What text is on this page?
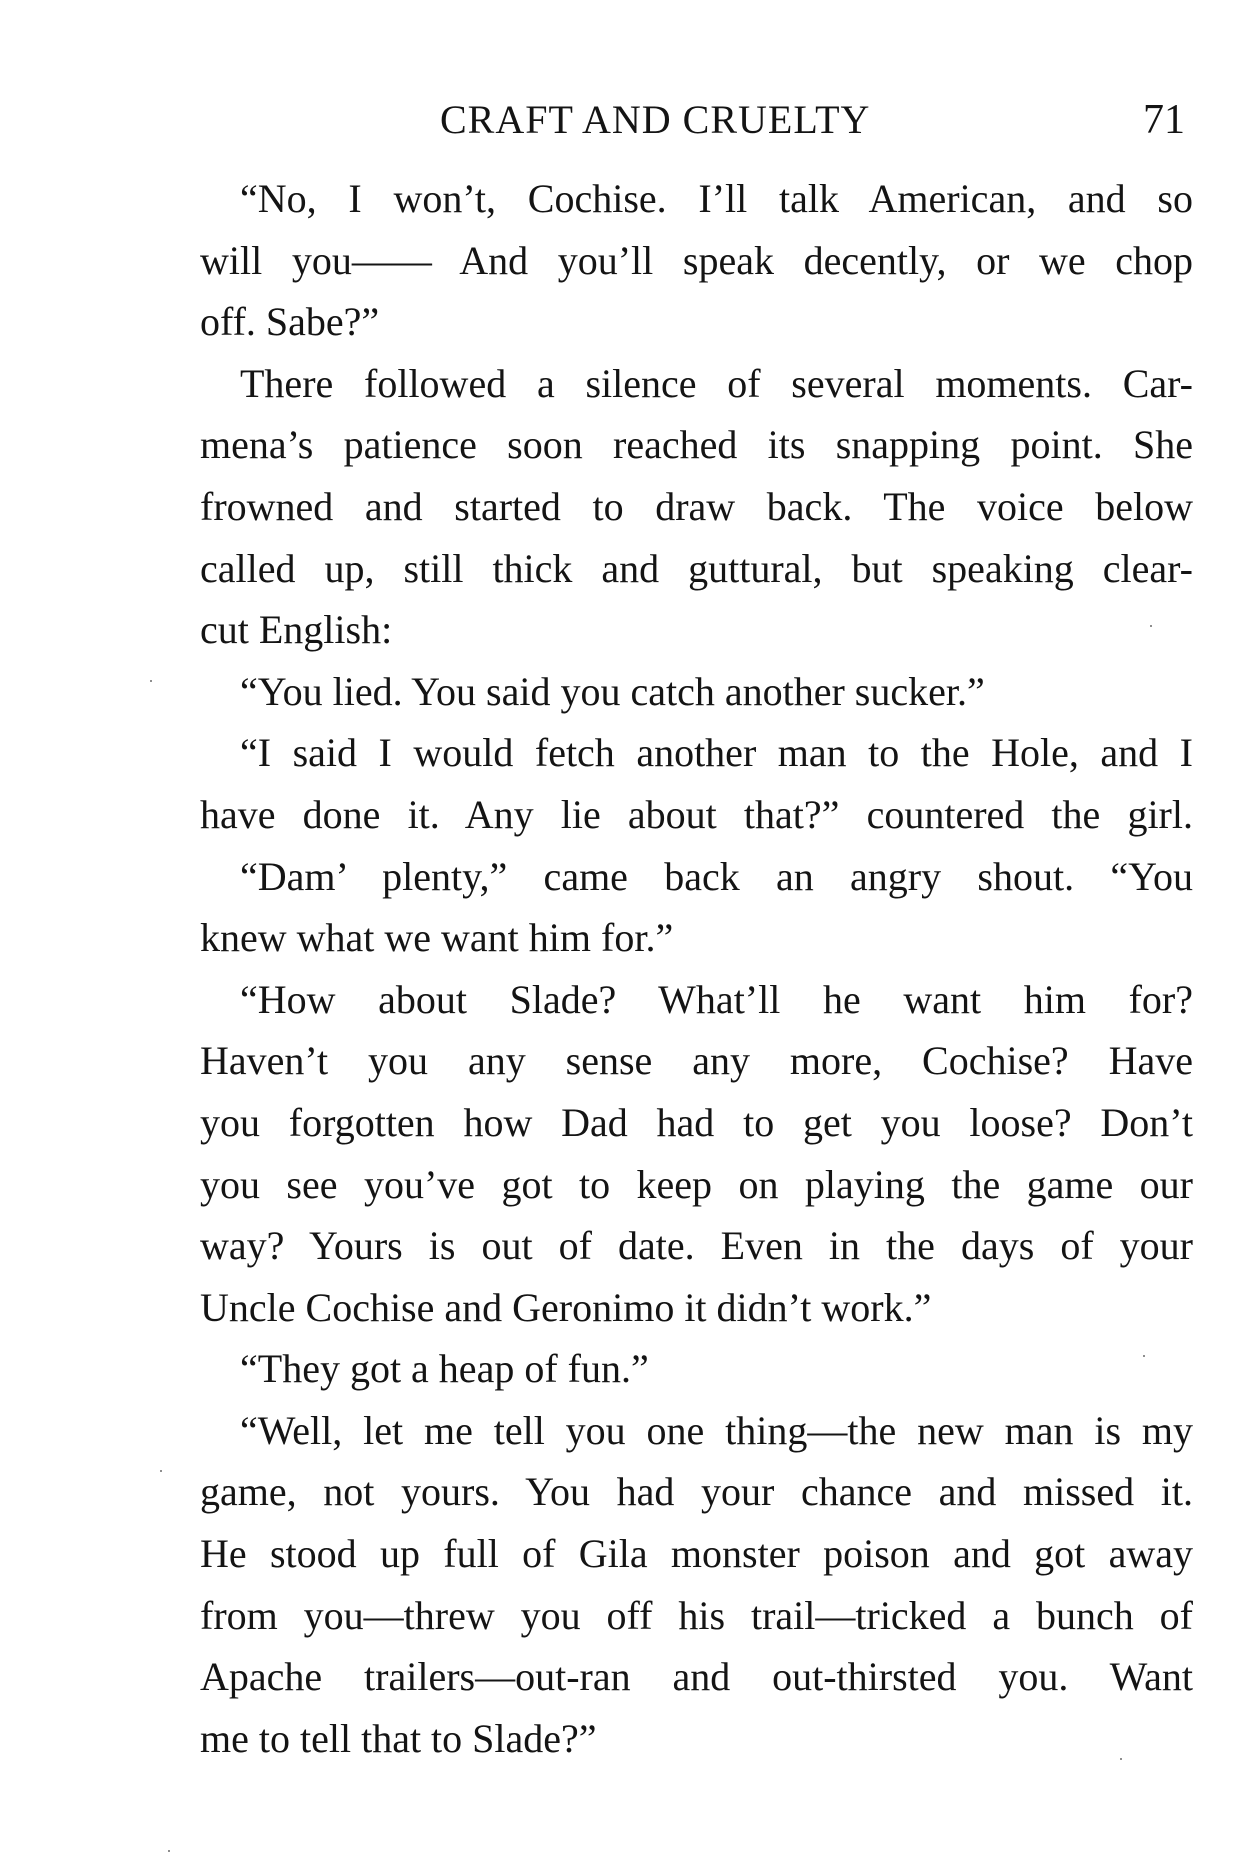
CRAFT AND CRUELTY	71
“No, I won’t, Cochise. I’ll talk American, and so
will you—— And you’ll speak decently, or we chop
off. Sabe?”
There followed a silence of several moments. Car-
mena’s patience soon reached its snapping point. She
frowned and started to draw back. The voice below
called up, still thick and guttural, but speaking clear-
cut English:
“You lied. You said you catch another sucker.”
“I said I would fetch another man to the Hole, and I
have done it. Any lie about that?” countered the girl.
“Dam’ plenty,” came back an angry shout. “You
knew what we want him for.”
“How about Slade? What’ll he want him for?
Haven’t you any sense any more, Cochise? Have
you forgotten how Dad had to get you loose? Don’t
you see you’ve got to keep on playing the game our
way? Yours is out of date. Even in the days of your
Uncle Cochise and Geronimo it didn’t work.”
“They got a heap of fun.”
“Well, let me tell you one thing—the new man is my
game, not yours. You had your chance and missed it.
He stood up full of Gila monster poison and got away
from you—threw you off his trail—tricked a bunch of
Apache trailers—out-ran and out-thirsted you. Want
me to tell that to Slade?”
